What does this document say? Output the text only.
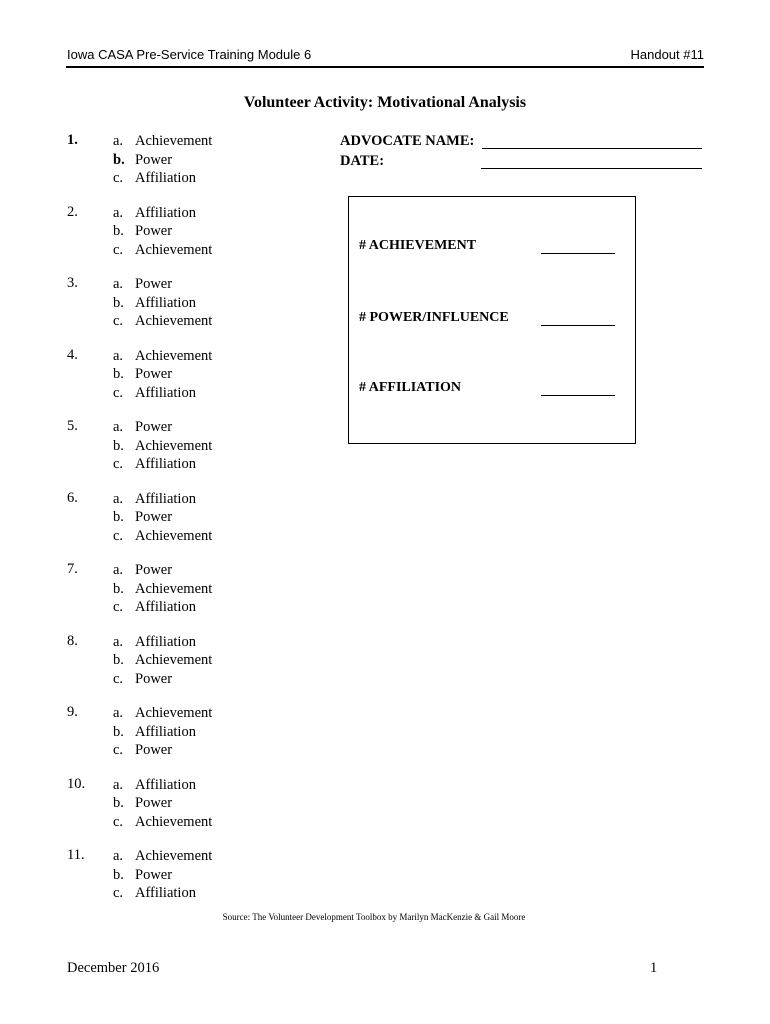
Iowa CASA Pre-Service Training Module 6	Handout #11
Volunteer Activity: Motivational Analysis
1. a. Achievement
b. Power
c. Affiliation
2. a. Affiliation
b. Power
c. Achievement
3. a. Power
b. Affiliation
c. Achievement
4. a. Achievement
b. Power
c. Affiliation
5. a. Power
b. Achievement
c. Affiliation
6. a. Affiliation
b. Power
c. Achievement
7. a. Power
b. Achievement
c. Affiliation
8. a. Affiliation
b. Achievement
c. Power
9. a. Achievement
b. Affiliation
c. Power
10. a. Affiliation
b. Power
c. Achievement
11. a. Achievement
b. Power
c. Affiliation
ADVOCATE NAME:
DATE:
# ACHIEVEMENT
# POWER/INFLUENCE
# AFFILIATION
Source: The Volunteer Development Toolbox by Marilyn MacKenzie & Gail Moore
December 2016	1
